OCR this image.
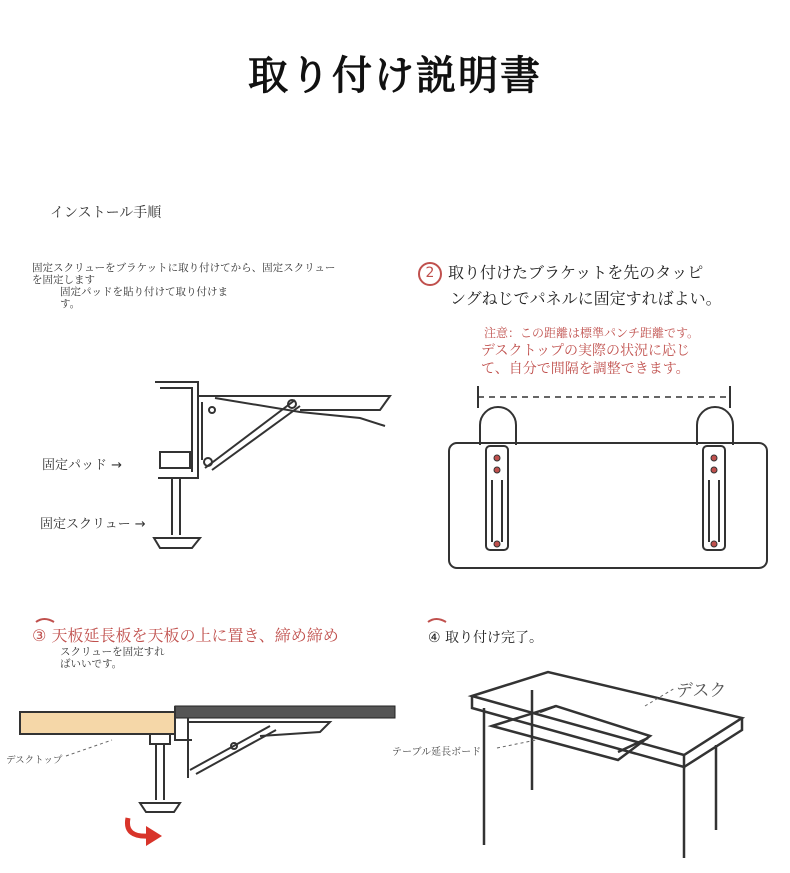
取り付け説明書
インストール手順
固定スクリューをブラケットに取り付けてから、固定スクリュー
を固定します
固定パッドを貼り付けて取り付けま
す。
固定パッド →
固定スクリュー →
2 取り付けたブラケットを先のタッピ
ングねじでパネルに固定すればよい。
注意：この距離は標準パンチ距離です。
デスクトップの実際の状況に応じ
て、自分で間隔を調整できます。
③ 天板延長板を天板の上に置き、締め締め
スクリューを固定すれ
ばいいです。
デスクトップ
④ 取り付け完了。
デスク
テーブル延長ボード
